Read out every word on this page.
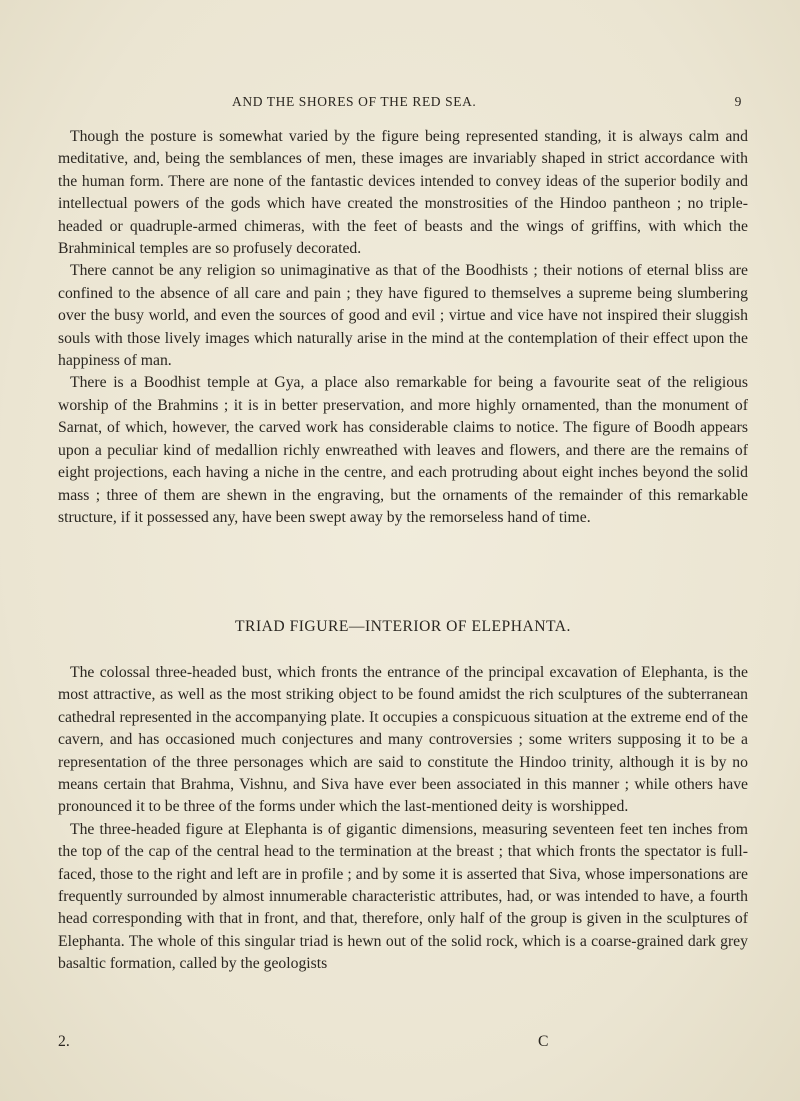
AND THE SHORES OF THE RED SEA.	9

Though the posture is somewhat varied by the figure being represented standing, it is always calm and meditative, and, being the semblances of men, these images are invariably shaped in strict accordance with the human form. There are none of the fantastic devices intended to convey ideas of the superior bodily and intellectual powers of the gods which have created the monstrosities of the Hindoo pantheon ; no triple-headed or quadruple-armed chimeras, with the feet of beasts and the wings of griffins, with which the Brahminical temples are so profusely decorated.

There cannot be any religion so unimaginative as that of the Boodhists ; their notions of eternal bliss are confined to the absence of all care and pain ; they have figured to themselves a supreme being slumbering over the busy world, and even the sources of good and evil ; virtue and vice have not inspired their sluggish souls with those lively images which naturally arise in the mind at the contemplation of their effect upon the happiness of man.

There is a Boodhist temple at Gya, a place also remarkable for being a favourite seat of the religious worship of the Brahmins ; it is in better preservation, and more highly ornamented, than the monument of Sarnat, of which, however, the carved work has considerable claims to notice. The figure of Boodh appears upon a peculiar kind of medallion richly enwreathed with leaves and flowers, and there are the remains of eight projections, each having a niche in the centre, and each protruding about eight inches beyond the solid mass ; three of them are shewn in the engraving, but the ornaments of the remainder of this remarkable structure, if it possessed any, have been swept away by the remorseless hand of time.

TRIAD FIGURE—INTERIOR OF ELEPHANTA.

The colossal three-headed bust, which fronts the entrance of the principal excavation of Elephanta, is the most attractive, as well as the most striking object to be found amidst the rich sculptures of the subterranean cathedral represented in the accompanying plate. It occupies a conspicuous situation at the extreme end of the cavern, and has occasioned much conjectures and many controversies ; some writers supposing it to be a representation of the three personages which are said to constitute the Hindoo trinity, although it is by no means certain that Brahma, Vishnu, and Siva have ever been associated in this manner ; while others have pronounced it to be three of the forms under which the last-mentioned deity is worshipped.

The three-headed figure at Elephanta is of gigantic dimensions, measuring seventeen feet ten inches from the top of the cap of the central head to the termination at the breast ; that which fronts the spectator is full-faced, those to the right and left are in profile ; and by some it is asserted that Siva, whose impersonations are frequently surrounded by almost innumerable characteristic attributes, had, or was intended to have, a fourth head corresponding with that in front, and that, therefore, only half of the group is given in the sculptures of Elephanta. The whole of this singular triad is hewn out of the solid rock, which is a coarse-grained dark grey basaltic formation, called by the geologists

2.	C
